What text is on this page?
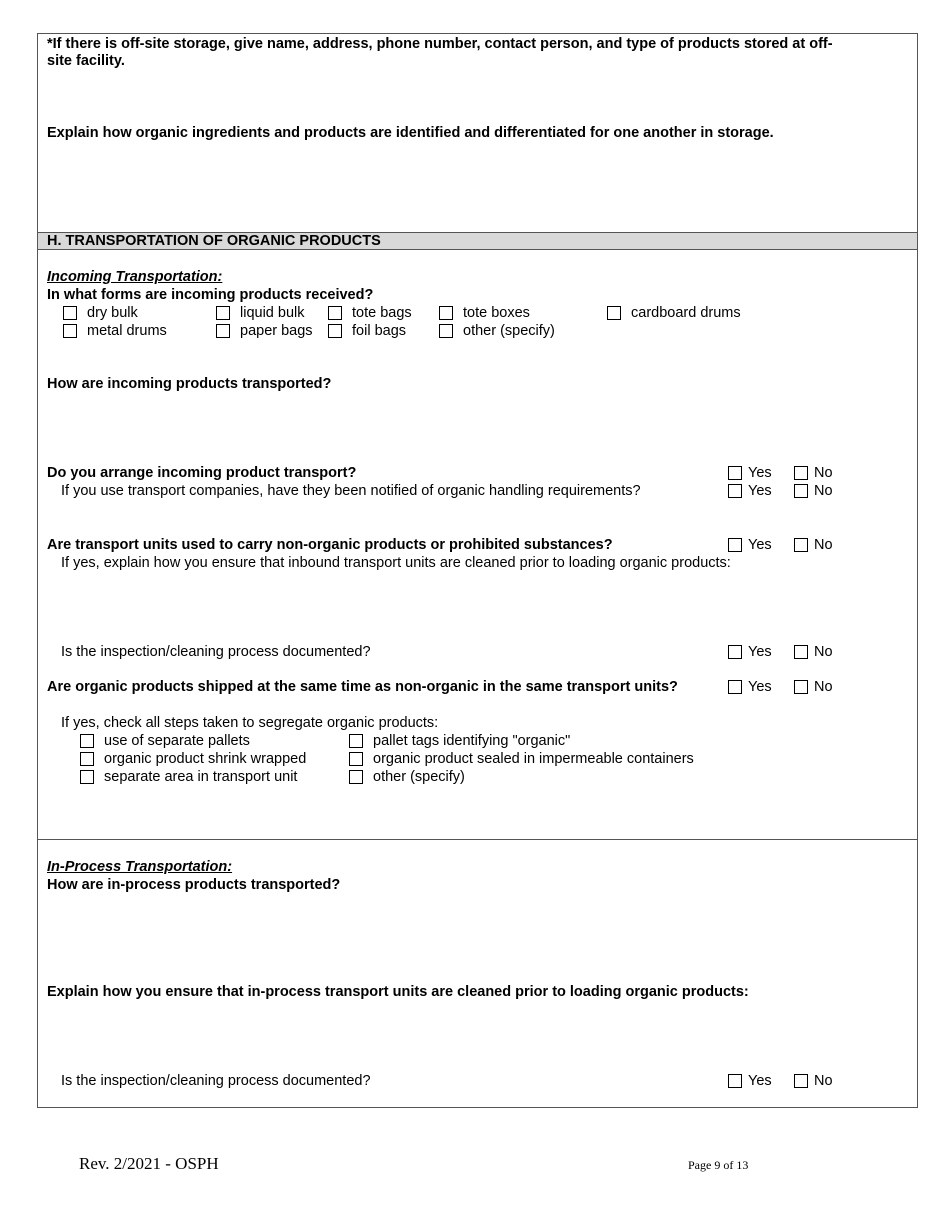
*If there is off-site storage, give name, address, phone number, contact person, and type of products stored at off-
site facility.
Explain how organic ingredients and products are identified and differentiated for one another in storage.
H. TRANSPORTATION OF ORGANIC PRODUCTS
Incoming Transportation:
In what forms are incoming products received?
dry bulk	liquid bulk	tote bags	tote boxes	cardboard drums
metal drums	paper bags	foil bags	other (specify)
How are incoming products transported?
Do you arrange incoming product transport?	Yes	No
If you use transport companies, have they been notified of organic handling requirements?	Yes	No
Are transport units used to carry non-organic products or prohibited substances?	Yes	No
If yes, explain how you ensure that inbound transport units are cleaned prior to loading organic products:
Is the inspection/cleaning process documented?	Yes	No
Are organic products shipped at the same time as non-organic in the same transport units?	Yes	No
If yes, check all steps taken to segregate organic products:
use of separate pallets	pallet tags identifying "organic"
organic product shrink wrapped	organic product sealed in impermeable containers
separate area in transport unit	other (specify)
In-Process Transportation:
How are in-process products transported?
Explain how you ensure that in-process transport units are cleaned prior to loading organic products:
Is the inspection/cleaning process documented?	Yes	No
Rev. 2/2021 - OSPH	Page 9 of 13
